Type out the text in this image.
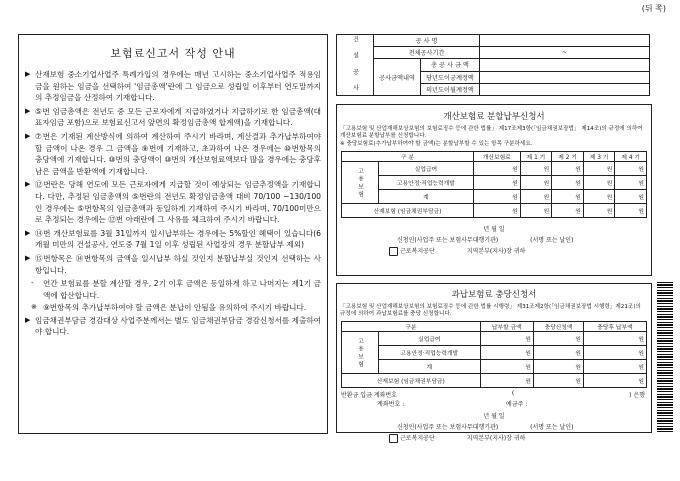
(뒤 쪽)
보험료신고서 작성 안내
▶ 산재보험 중소기업사업주 특례가입의 경우에는 매년 고시하는 중소기업사업주 적용임금을 원하는 임금을 선택하여 '임금총액'란에 그 임금으로 성립일 이후부터 연도말까지의 추정임금을 산정하여 기재합니다.
▶ ⑤번 임금총액은 전년도 중 모든 근로자에게 지급하였거나 지급하기로 한 임금총액(대표자임금 포함)으로 보험료신고서 앞면의 확정임금총액 합계액)을 기재합니다.
▶ ⑦번은 기재된 계산방식에 의하여 계산하여 주시기 바라며, 계산결과 추가납부하여야 할 금액이 나온 경우 그 금액을 ⑨번에 기재하고, 초과하여 나온 경우에는 ⑩번항목의 충당액에 기재합니다. ⑩번의 충당액이 ⑩번의 개산보험료액보다 많을 경우에는 충당후 남은 금액을 반환액에 기재합니다.
▶ ⑫번란은 당해 연도에 모든 근로자에게 지급할 것이 예상되는 임금추정액을 기재합니다. 다만, 추정된 임금총액의 ⑤번란의 전년도 확정임금총액 대비 70/100 ~130/100인 경우에는 ⑤번항목의 임금총액과 동일하게 기재하여 주시기 바라며, 70/100미만으로 추정되는 경우에는 ⑫번 아래란에 그 사유를 체크하여 주시기 바랍니다.
▶ ⑭번 개산보험료를 3월 31일까지 일시납부하는 경우에는 5%할인 혜택이 있습니다(6개월 미만의 건설공사, 연도중 7월 1일 이후 성립된 사업장의 경우 분할납부 제외)
▶ ⑮번항목은 ⑭번항목의 금액을 일시납부 하실 것인지 분할납부실 것인지 선택하는 사항입니다.
- 연간 보험료를 분할 계산할 경우, 2기 이후 금액은 동일하게 하고 나머지는 제1기 금액에 합산합니다.
※ ⑨번항목의 추가납부하여야 할 금액은 분납이 안됨을 유의하여 주시기 바랍니다.
▶ 임금채권부담금 경감대상 사업주분께서는 별도 임금채권부담금 경감신청서를 제출하여야 합니다.
건 설 공 사	공 사 명		
	전체공사기간		~
	공사금액내역	총 공 사 금 액	
		당년도이궁계정액	
		의년도이월계정액	
개산보험료 분할납부신청서
「고용보험 및 산업재해보상보험의 보험료징수 등에 관한 법률」 제17조제3항(「임금채권보장법」 제14조)의 규정에 의하여 개산보험료 분할납부를 신청합니다.
※ 충당보험료(추가납부하여야 할 금액)는 분할납부할 수 있는 항목 구분하세요.
구 분		개산보험료	제 1 기	제 2 기	제 3 기	제 4 기
고 용 보 험	실업급여	원	원	원	원	원
	고용안정·직업능력개발	원	원	원	원	원
	계	원	원	원	원	원
산재보험 (임금채권부담금)		원	원	원	원	원
년 월 일
신청인(사업주 또는 보험사무대행기관)	(서명 또는 날인)
근로복지공단	지역본부(지사)장 귀하
과납보험료 충당신청서
「고용보험 및 산업재해보상보험의 보험료징수 등에 관한 법률 시행령」 제31조제2항(「임금채권보장법 시행령」제21조)의 규정에 의하여 과납보험료를 충당 신청합니다.
구분		납부할 금액	충당신청액	충당후 납부액
고 용 보 험	실업급여	원	원	원
	고용안정·직업능력개발	원	원	원
	계	원	원	원
산재보험 (임금채권부담금)		원	원	원
반환금 입금 계좌번호	(	) 은행
계좌번호 :	예금주 :
년 월 일
신청인(사업주 또는 보험사무대행기관)	(서명 또는 날인)
근로복지공단	지역본부(지사)장 귀하
